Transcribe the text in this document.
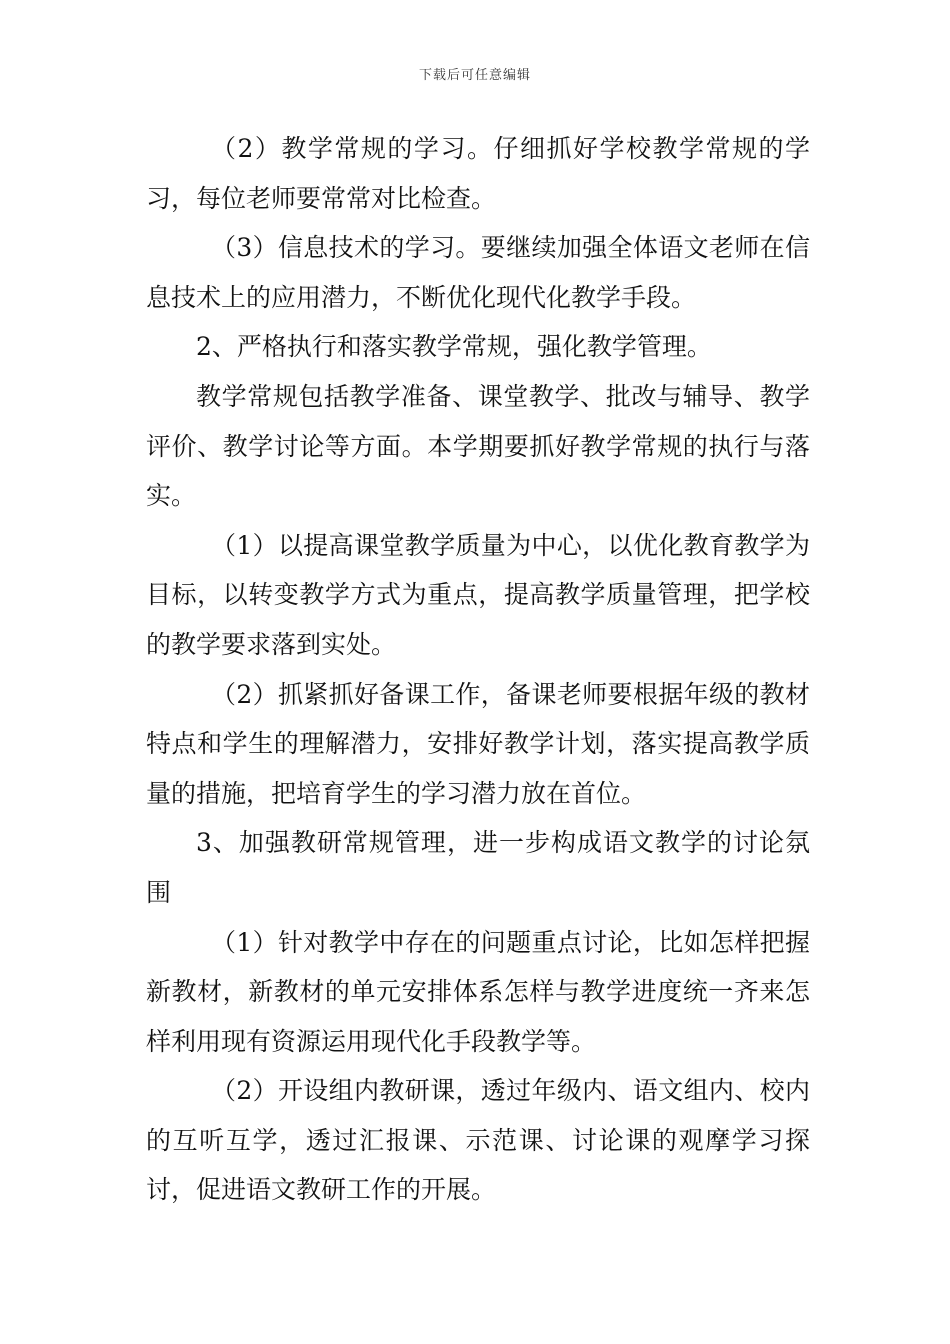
下载后可任意编辑

（2）教学常规的学习。仔细抓好学校教学常规的学习，每位老师要常常对比检查。

（3）信息技术的学习。要继续加强全体语文老师在信息技术上的应用潜力，不断优化现代化教学手段。

2、严格执行和落实教学常规，强化教学管理。

教学常规包括教学准备、课堂教学、批改与辅导、教学评价、教学讨论等方面。本学期要抓好教学常规的执行与落实。

（1）以提高课堂教学质量为中心，以优化教育教学为目标，以转变教学方式为重点，提高教学质量管理，把学校的教学要求落到实处。

（2）抓紧抓好备课工作，备课老师要根据年级的教材特点和学生的理解潜力，安排好教学计划，落实提高教学质量的措施，把培育学生的学习潜力放在首位。

3、加强教研常规管理，进一步构成语文教学的讨论氛围

（1）针对教学中存在的问题重点讨论，比如怎样把握新教材，新教材的单元安排体系怎样与教学进度统一齐来怎样利用现有资源运用现代化手段教学等。

（2）开设组内教研课，透过年级内、语文组内、校内的互听互学，透过汇报课、示范课、讨论课的观摩学习探讨，促进语文教研工作的开展。
